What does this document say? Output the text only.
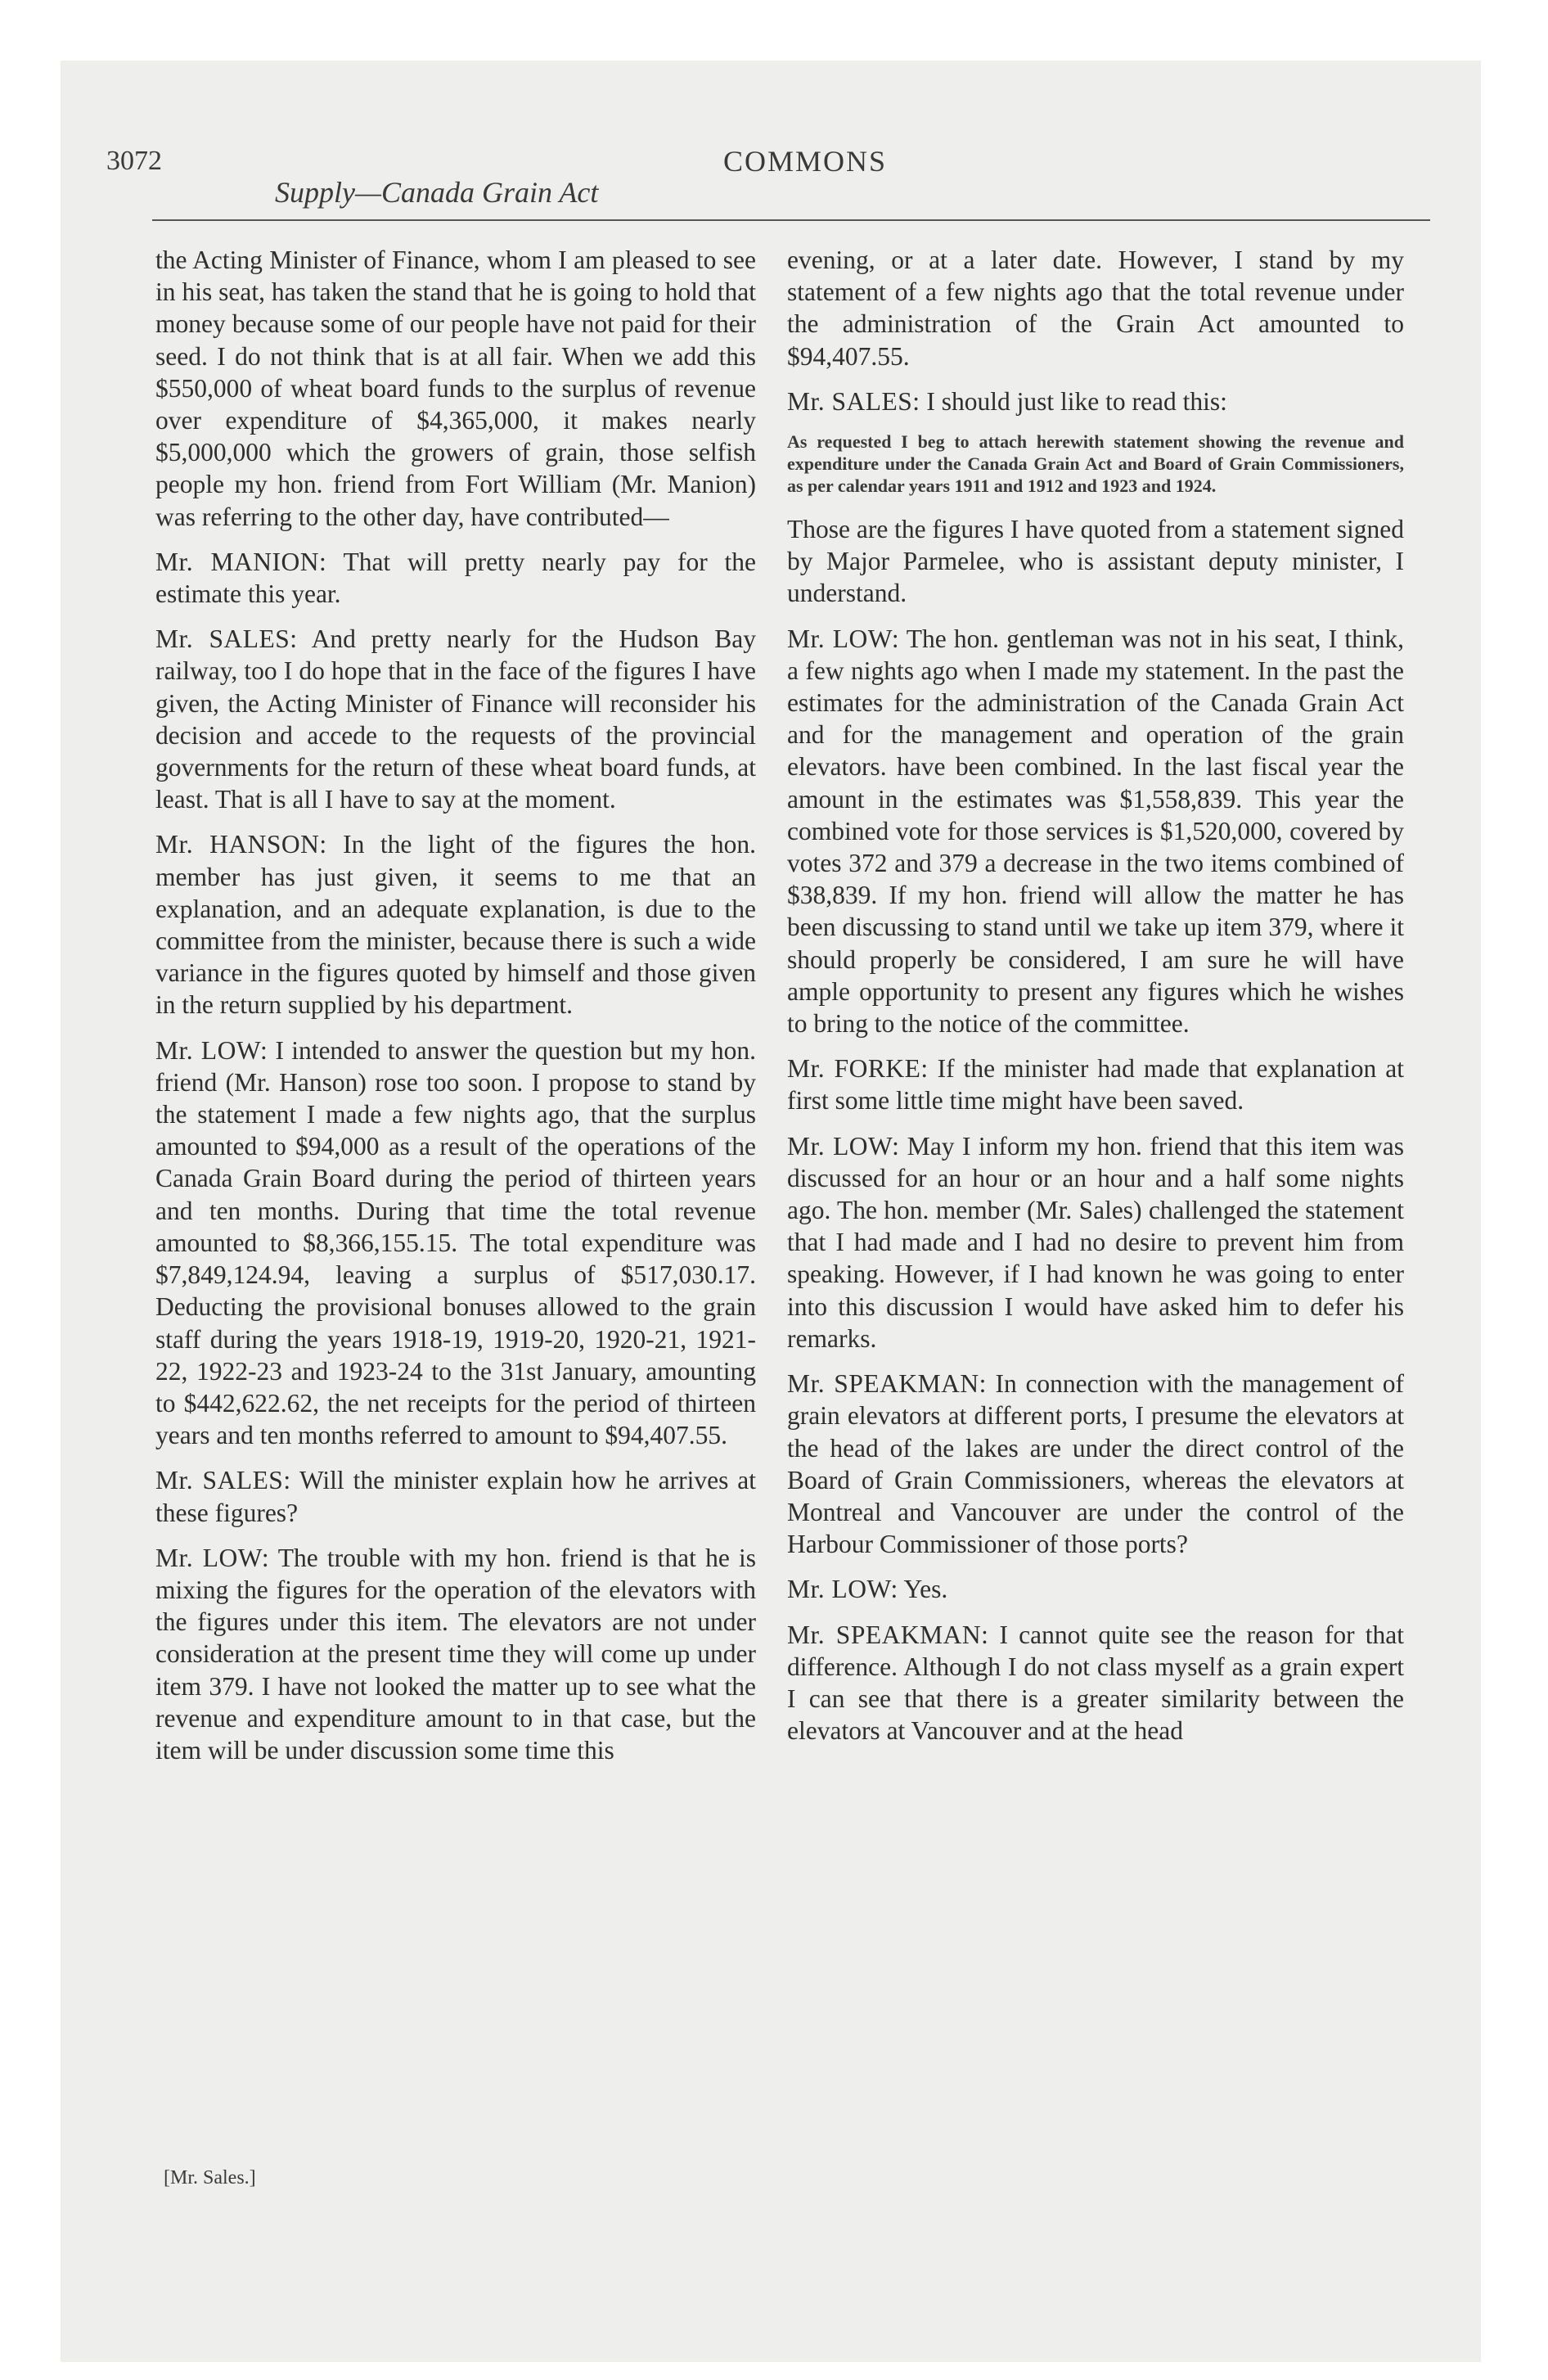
3072
Supply—Canada Grain Act
COMMONS

the Acting Minister of Finance, whom I am pleased to see in his seat, has taken the stand that he is going to hold that money because some of our people have not paid for their seed. I do not think that is at all fair. When we add this $550,000 of wheat board funds to the surplus of revenue over expenditure of $4,365,000, it makes nearly $5,000,000 which the growers of grain, those selfish people my hon. friend from Fort William (Mr. Manion) was referring to the other day, have contributed—

Mr. MANION: That will pretty nearly pay for the estimate this year.

Mr. SALES: And pretty nearly for the Hudson Bay railway, too I do hope that in the face of the figures I have given, the Acting Minister of Finance will reconsider his decision and accede to the requests of the provincial governments for the return of these wheat board funds, at least. That is all I have to say at the moment.

Mr. HANSON: In the light of the figures the hon. member has just given, it seems to me that an explanation, and an adequate explanation, is due to the committee from the minister, because there is such a wide variance in the figures quoted by himself and those given in the return supplied by his department.

Mr. LOW: I intended to answer the question but my hon. friend (Mr. Hanson) rose too soon. I propose to stand by the statement I made a few nights ago, that the surplus amounted to $94,000 as a result of the operations of the Canada Grain Board during the period of thirteen years and ten months. During that time the total revenue amounted to $8,366,155.15. The total expenditure was $7,849,124.94, leaving a surplus of $517,030.17. Deducting the provisional bonuses allowed to the grain staff during the years 1918-19, 1919-20, 1920-21, 1921-22, 1922-23 and 1923-24 to the 31st January, amounting to $442,622.62, the net receipts for the period of thirteen years and ten months referred to amount to $94,407.55.

Mr. SALES: Will the minister explain how he arrives at these figures?

Mr. LOW: The trouble with my hon. friend is that he is mixing the figures for the operation of the elevators with the figures under this item. The elevators are not under consideration at the present time they will come up under item 379. I have not looked the matter up to see what the revenue and expenditure amount to in that case, but the item will be under discussion some time this

evening, or at a later date. However, I stand by my statement of a few nights ago that the total revenue under the administration of the Grain Act amounted to $94,407.55.

Mr. SALES: I should just like to read this:

As requested I beg to attach herewith statement showing the revenue and expenditure under the Canada Grain Act and Board of Grain Commissioners, as per calendar years 1911 and 1912 and 1923 and 1924.

Those are the figures I have quoted from a statement signed by Major Parmelee, who is assistant deputy minister, I understand.

Mr. LOW: The hon. gentleman was not in his seat, I think, a few nights ago when I made my statement. In the past the estimates for the administration of the Canada Grain Act and for the management and operation of the grain elevators. have been combined. In the last fiscal year the amount in the estimates was $1,558,839. This year the combined vote for those services is $1,520,000, covered by votes 372 and 379 a decrease in the two items combined of $38,839. If my hon. friend will allow the matter he has been discussing to stand until we take up item 379, where it should properly be considered, I am sure he will have ample opportunity to present any figures which he wishes to bring to the notice of the committee.

Mr. FORKE: If the minister had made that explanation at first some little time might have been saved.

Mr. LOW: May I inform my hon. friend that this item was discussed for an hour or an hour and a half some nights ago. The hon. member (Mr. Sales) challenged the statement that I had made and I had no desire to prevent him from speaking. However, if I had known he was going to enter into this discussion I would have asked him to defer his remarks.

Mr. SPEAKMAN: In connection with the management of grain elevators at different ports, I presume the elevators at the head of the lakes are under the direct control of the Board of Grain Commissioners, whereas the elevators at Montreal and Vancouver are under the control of the Harbour Commissioner of those ports?

Mr. LOW: Yes.

Mr. SPEAKMAN: I cannot quite see the reason for that difference. Although I do not class myself as a grain expert I can see that there is a greater similarity between the elevators at Vancouver and at the head

[Mr. Sales.]
